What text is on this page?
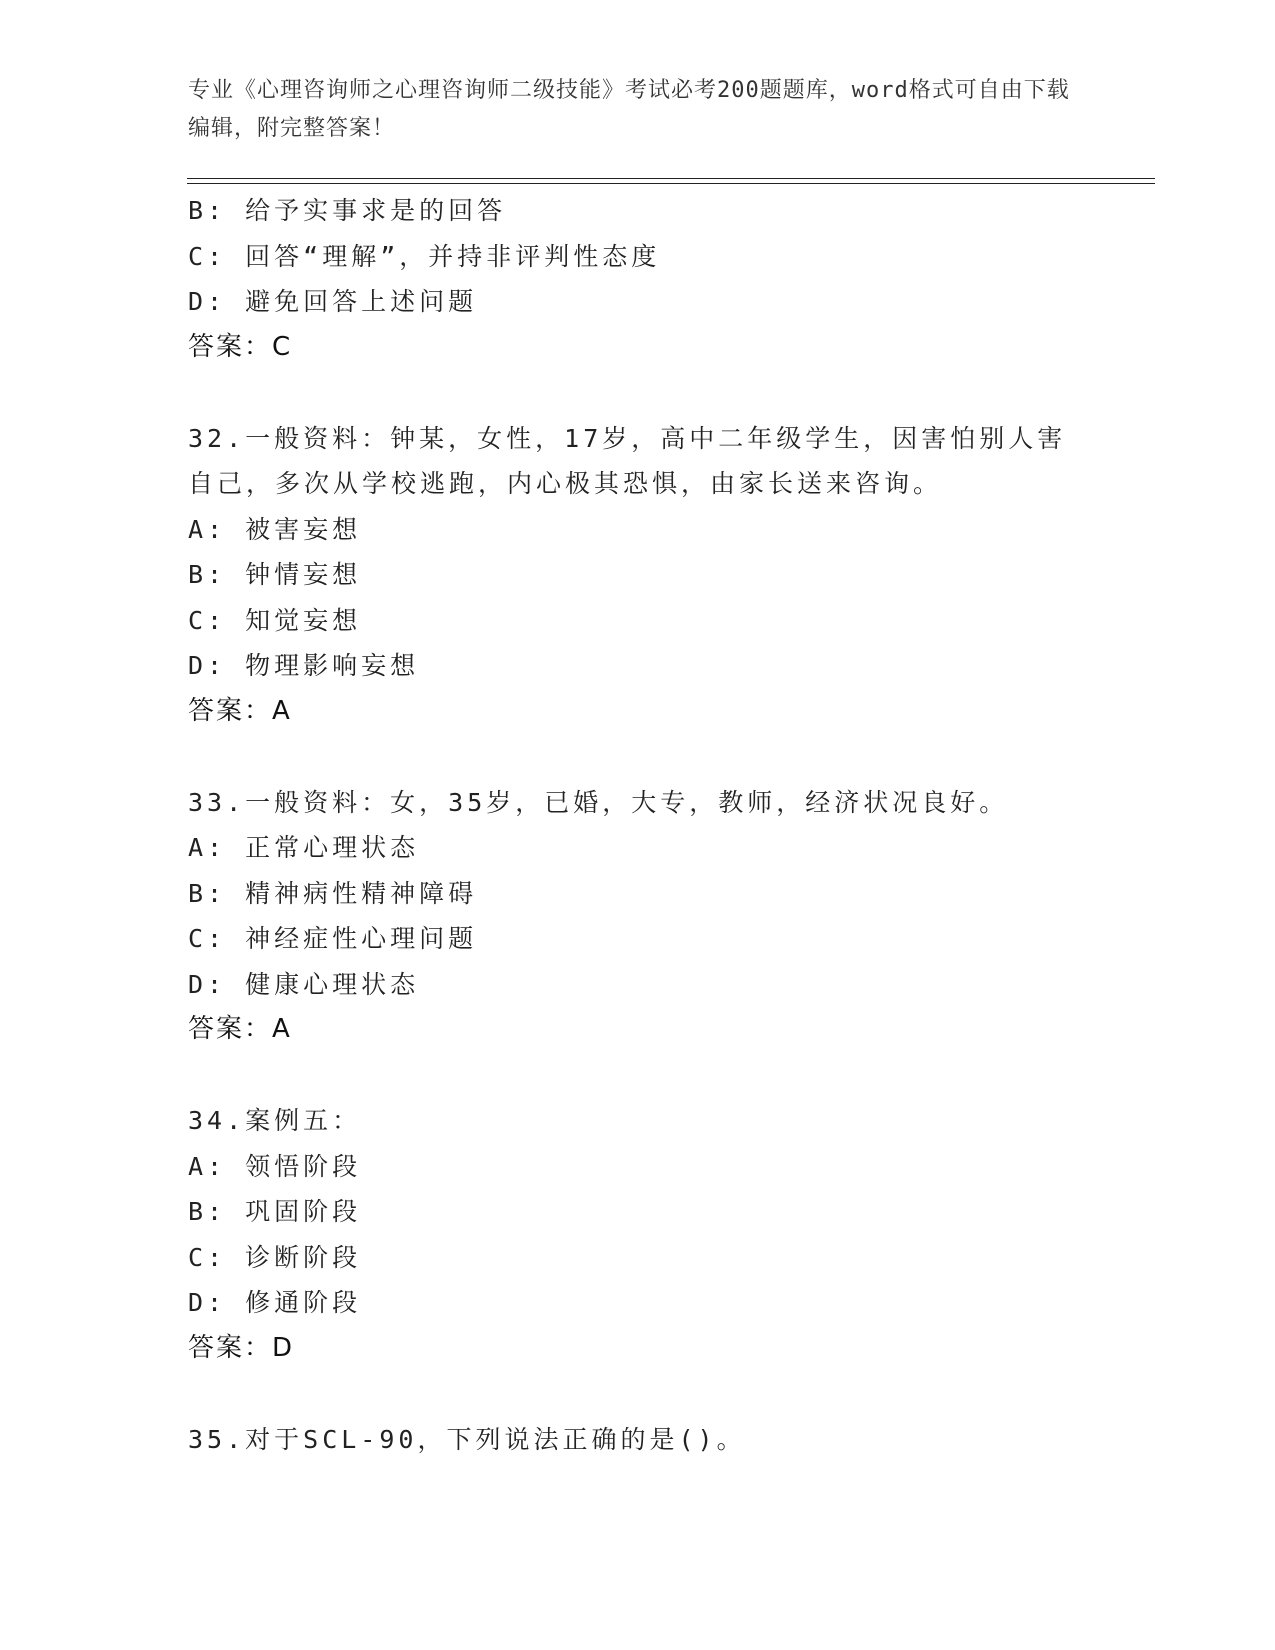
专业《心理咨询师之心理咨询师二级技能》考试必考200题题库，word格式可自由下载编辑，附完整答案！
B: 给予实事求是的回答
C: 回答“理解”，并持非评判性态度
D: 避免回答上述问题
答案：C
32.一般资料：钟某，女性，17岁，高中二年级学生，因害怕别人害自己，多次从学校逃跑，内心极其恐惧，由家长送来咨询。
A: 被害妄想
B: 钟情妄想
C: 知觉妄想
D: 物理影响妄想
答案：A
33.一般资料：女，35岁，已婚，大专，教师，经济状况良好。
A: 正常心理状态
B: 精神病性精神障碍
C: 神经症性心理问题
D: 健康心理状态
答案：A
34.案例五：
A: 领悟阶段
B: 巩固阶段
C: 诊断阶段
D: 修通阶段
答案：D
35.对于SCL-90，下列说法正确的是()。
